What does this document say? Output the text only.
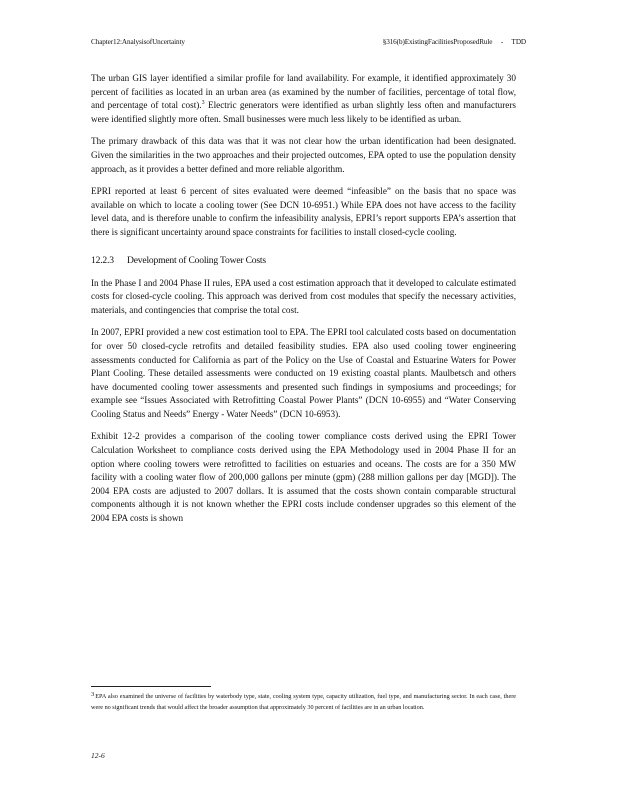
Chapter12:AnalysisofUncertainty	§316(b)ExistingFacilitiesProposedRule     -     TDD

The urban GIS layer identified a similar profile for land availability. For example, it identified approximately 30 percent of facilities as located in an urban area (as examined by the number of facilities, percentage of total flow, and percentage of total cost).$^3$ Electric generators were identified as urban slightly less often and manufacturers were identified slightly more often. Small businesses were much less likely to be identified as urban.

The primary drawback of this data was that it was not clear how the urban identification had been designated. Given the similarities in the two approaches and their projected outcomes, EPA opted to use the population density approach, as it provides a better defined and more reliable algorithm.

EPRI reported at least 6 percent of sites evaluated were deemed “infeasible” on the basis that no space was available on which to locate a cooling tower (See DCN 10-6951.) While EPA does not have access to the facility level data, and is therefore unable to confirm the infeasibility analysis, EPRI’s report supports EPA’s assertion that there is significant uncertainty around space constraints for facilities to install closed-cycle cooling.

12.2.3 Development of Cooling Tower Costs

In the Phase I and 2004 Phase II rules, EPA used a cost estimation approach that it developed to calculate estimated costs for closed-cycle cooling. This approach was derived from cost modules that specify the necessary activities, materials, and contingencies that comprise the total cost.

In 2007, EPRI provided a new cost estimation tool to EPA. The EPRI tool calculated costs based on documentation for over 50 closed-cycle retrofits and detailed feasibility studies. EPA also used cooling tower engineering assessments conducted for California as part of the Policy on the Use of Coastal and Estuarine Waters for Power Plant Cooling. These detailed assessments were conducted on 19 existing coastal plants. Maulbetsch and others have documented cooling tower assessments and presented such findings in symposiums and proceedings; for example see “Issues Associated with Retrofitting Coastal Power Plants” (DCN 10-6955) and “Water Conserving Cooling Status and Needs” Energy - Water Needs” (DCN 10-6953).

Exhibit 12-2 provides a comparison of the cooling tower compliance costs derived using the EPRI Tower Calculation Worksheet to compliance costs derived using the EPA Methodology used in 2004 Phase II for an option where cooling towers were retrofitted to facilities on estuaries and oceans. The costs are for a 350 MW facility with a cooling water flow of 200,000 gallons per minute (gpm) (288 million gallons per day [MGD]). The 2004 EPA costs are adjusted to 2007 dollars. It is assumed that the costs shown contain comparable structural components although it is not known whether the EPRI costs include condenser upgrades so this element of the 2004 EPA costs is shown

3EPA also examined the universe of facilities by waterbody type, state, cooling system type, capacity utilization, fuel type, and manufacturing sector. In each case, there were no significant trends that would affect the broader assumption that approximately 30 percent of facilities are in an urban location.
12-6
